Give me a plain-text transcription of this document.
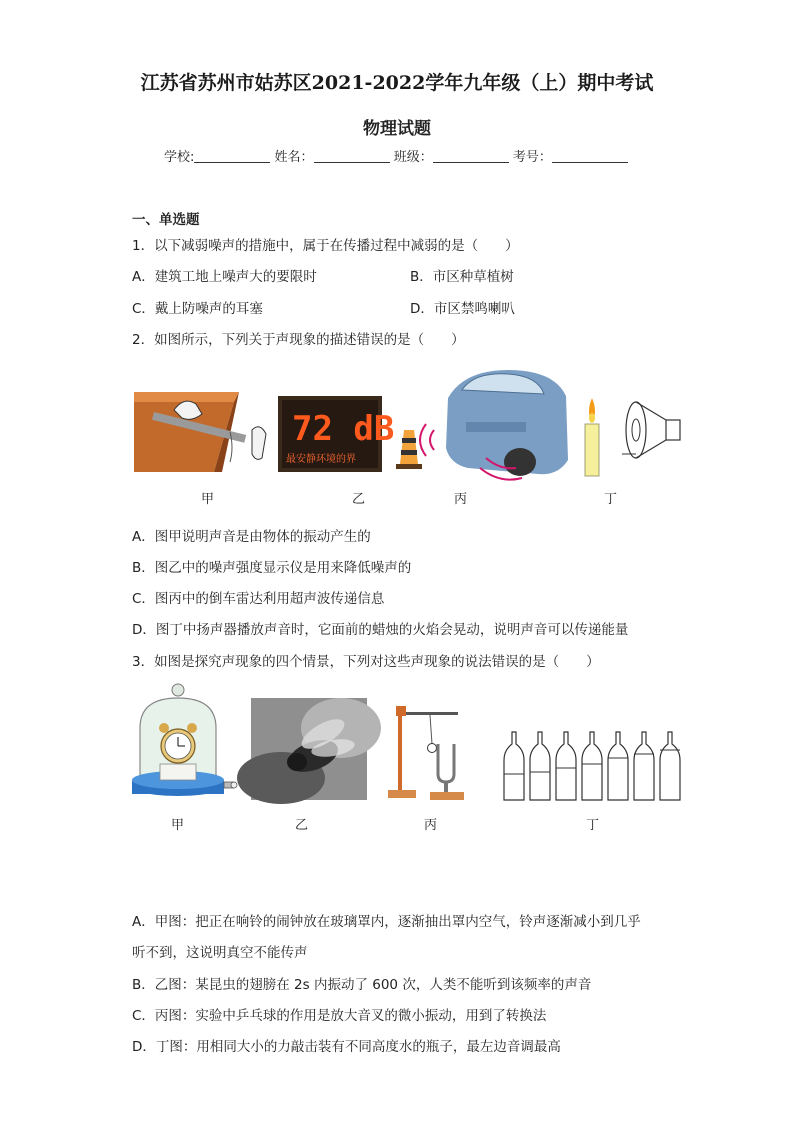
江苏省苏州市姑苏区2021-2022学年九年级（上）期中考试
物理试题
学校:	姓名：	班级：	考号：
一、单选题
1．以下减弱噪声的措施中，属于在传播过程中减弱的是（　　）
A．建筑工地上噪声大的要限时	B．市区种草植树
C．戴上防噪声的耳塞	D．市区禁鸣喇叭
2．如图所示，下列关于声现象的描述错误的是（　　）
72 dB
最安静环境的界
甲	乙	丙	丁
A．图甲说明声音是由物体的振动产生的
B．图乙中的噪声强度显示仪是用来降低噪声的
C．图丙中的倒车雷达利用超声波传递信息
D．图丁中扬声器播放声音时，它面前的蜡烛的火焰会晃动，说明声音可以传递能量
3．如图是探究声现象的四个情景，下列对这些声现象的说法错误的是（　　）
甲	乙	丙	丁
A．甲图：把正在响铃的闹钟放在玻璃罩内，逐渐抽出罩内空气，铃声逐渐减小到几乎
听不到，这说明真空不能传声
B．乙图：某昆虫的翅膀在 2s 内振动了 600 次，人类不能听到该频率的声音
C．丙图：实验中乒乓球的作用是放大音叉的微小振动，用到了转换法
D．丁图：用相同大小的力敲击装有不同高度水的瓶子，最左边音调最高
